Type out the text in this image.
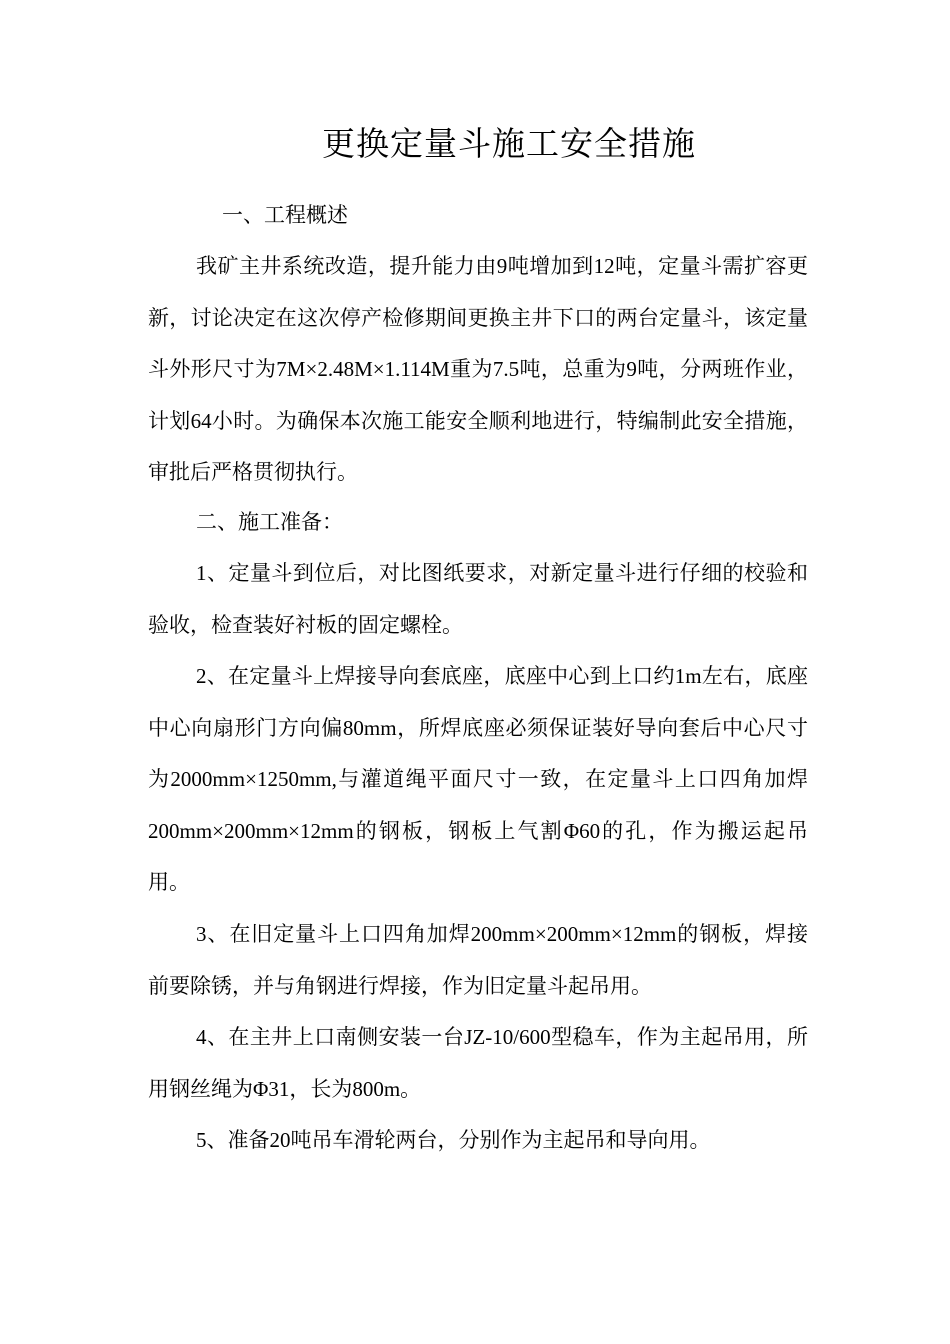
更换定量斗施工安全措施
一、工程概述

我矿主井系统改造，提升能力由9吨增加到12吨，定量斗需扩容更新，讨论决定在这次停产检修期间更换主井下口的两台定量斗，该定量斗外形尺寸为7M×2.48M×1.114M重为7.5吨，总重为9吨，分两班作业，计划64小时。为确保本次施工能安全顺利地进行，特编制此安全措施，审批后严格贯彻执行。

二、施工准备：

1、定量斗到位后，对比图纸要求，对新定量斗进行仔细的校验和验收，检查装好衬板的固定螺栓。

2、在定量斗上焊接导向套底座，底座中心到上口约1m左右，底座中心向扇形门方向偏80mm，所焊底座必须保证装好导向套后中心尺寸为2000mm×1250mm,与灌道绳平面尺寸一致，在定量斗上口四角加焊200mm×200mm×12mm的钢板，钢板上气割Φ60的孔，作为搬运起吊用。

3、在旧定量斗上口四角加焊200mm×200mm×12mm的钢板，焊接前要除锈，并与角钢进行焊接，作为旧定量斗起吊用。

4、在主井上口南侧安装一台JZ-10/600型稳车，作为主起吊用，所用钢丝绳为Φ31，长为800m。

5、准备20吨吊车滑轮两台，分别作为主起吊和导向用。
